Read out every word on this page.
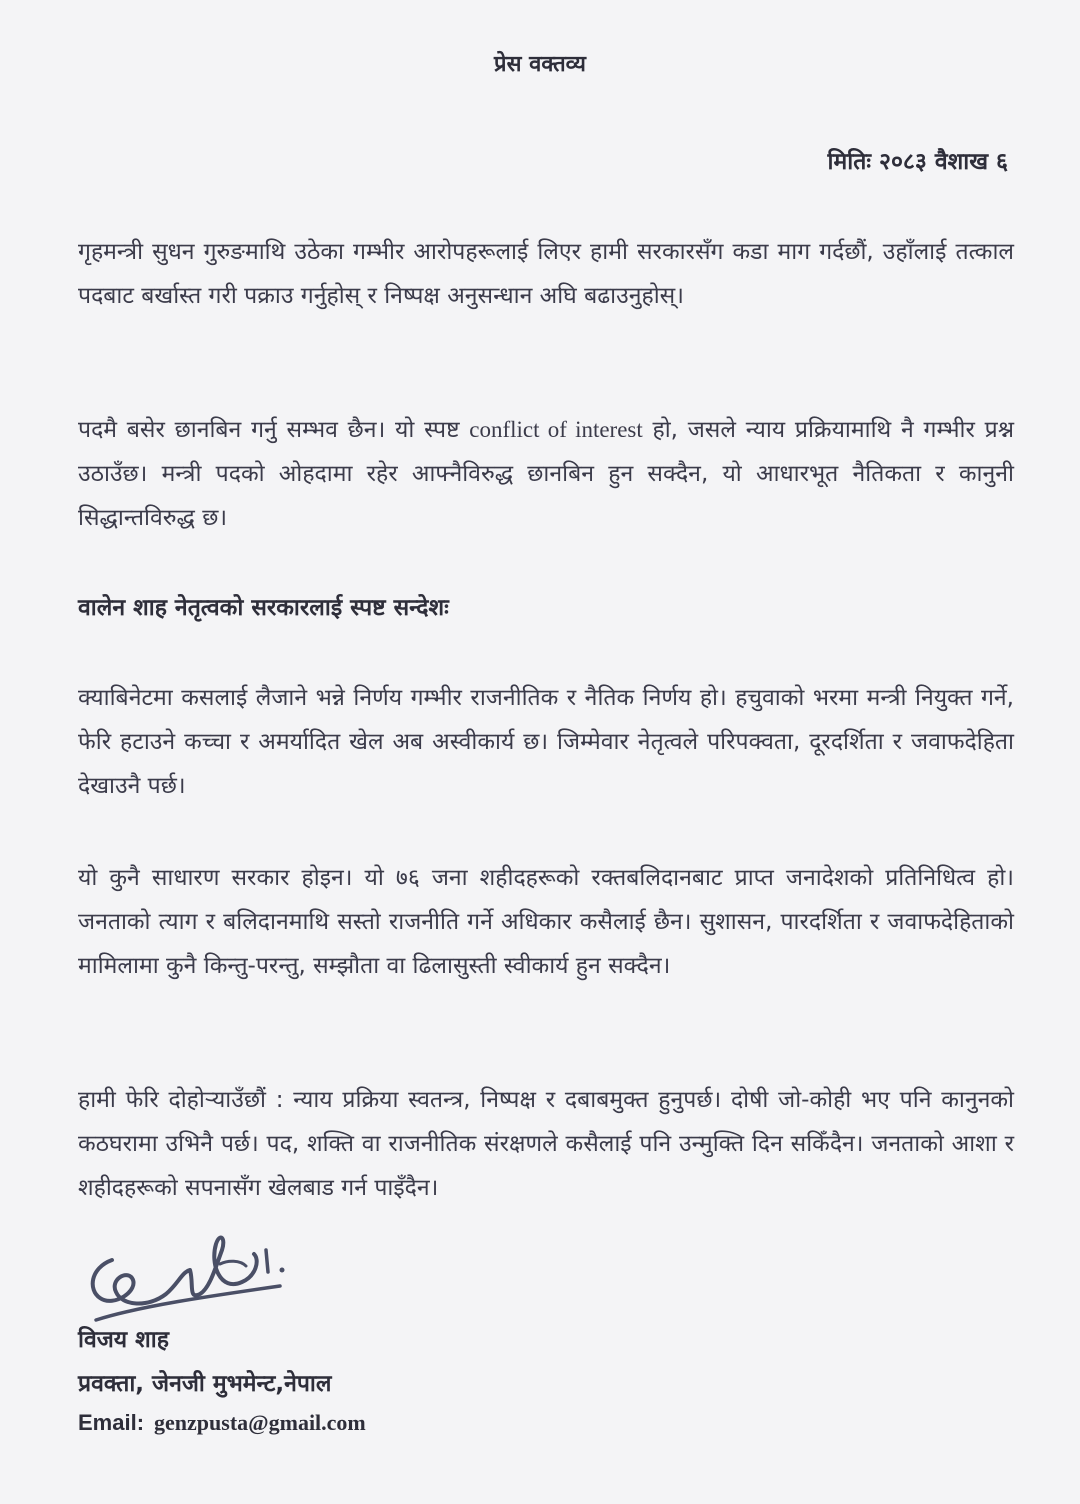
प्रेस वक्तव्य
मितिः २०८३ वैशाख ६

गृहमन्त्री सुधन गुरुङमाथि उठेका गम्भीर आरोपहरूलाई लिएर हामी सरकारसँग कडा माग गर्दछौं, उहाँलाई तत्काल पदबाट बर्खास्त गरी पक्राउ गर्नुहोस् र निष्पक्ष अनुसन्धान अघि बढाउनुहोस्।

पदमै बसेर छानबिन गर्नु सम्भव छैन। यो स्पष्ट conflict of interest हो, जसले न्याय प्रक्रियामाथि नै गम्भीर प्रश्न उठाउँछ। मन्त्री पदको ओहदामा रहेर आफ्नैविरुद्ध छानबिन हुन सक्दैन, यो आधारभूत नैतिकता र कानुनी सिद्धान्तविरुद्ध छ।

वालेन शाह नेतृत्वको सरकारलाई स्पष्ट सन्देशः

क्याबिनेटमा कसलाई लैजाने भन्ने निर्णय गम्भीर राजनीतिक र नैतिक निर्णय हो। हचुवाको भरमा मन्त्री नियुक्त गर्ने, फेरि हटाउने कच्चा र अमर्यादित खेल अब अस्वीकार्य छ। जिम्मेवार नेतृत्वले परिपक्वता, दूरदर्शिता र जवाफदेहिता देखाउनै पर्छ।

यो कुनै साधारण सरकार होइन। यो ७६ जना शहीदहरूको रक्तबलिदानबाट प्राप्त जनादेशको प्रतिनिधित्व हो। जनताको त्याग र बलिदानमाथि सस्तो राजनीति गर्ने अधिकार कसैलाई छैन। सुशासन, पारदर्शिता र जवाफदेहिताको मामिलामा कुनै किन्तु-परन्तु, सम्झौता वा ढिलासुस्ती स्वीकार्य हुन सक्दैन।

हामी फेरि दोहोर्‍याउँछौं : न्याय प्रक्रिया स्वतन्त्र, निष्पक्ष र दबाबमुक्त हुनुपर्छ। दोषी जो-कोही भए पनि कानुनको कठघरामा उभिनै पर्छ। पद, शक्ति वा राजनीतिक संरक्षणले कसैलाई पनि उन्मुक्ति दिन सकिँदैन। जनताको आशा र शहीदहरूको सपनासँग खेलबाड गर्न पाइँदैन।

विजय शाह
प्रवक्ता, जेनजी मुभमेन्ट,नेपाल
Email: genzpusta@gmail.com
